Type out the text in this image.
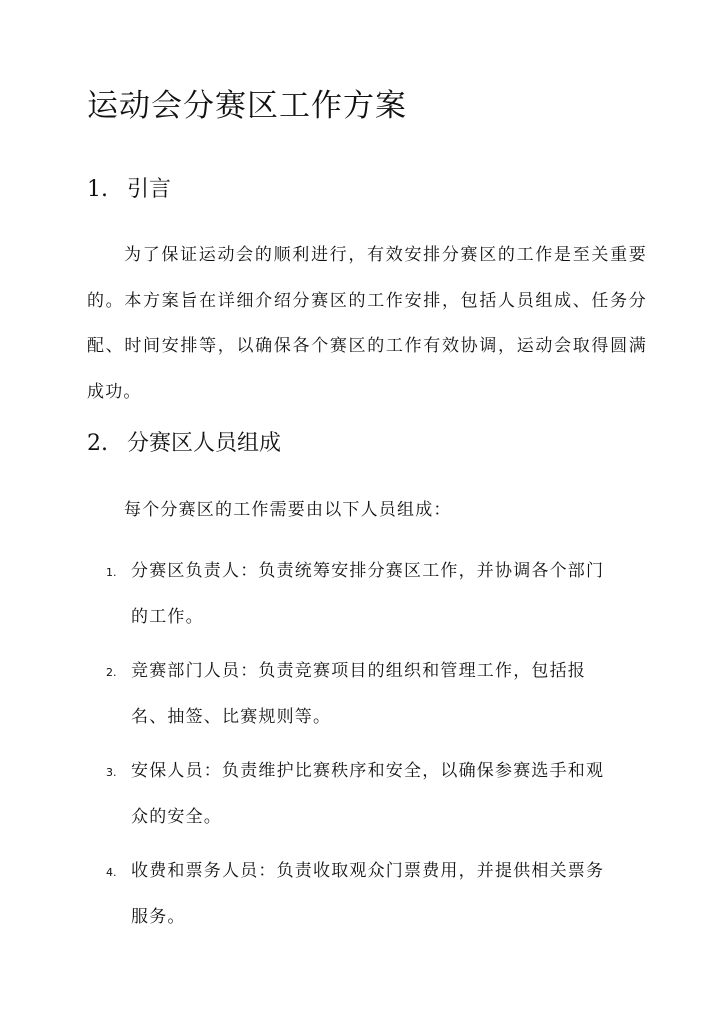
运动会分赛区工作方案
1. 引言
为了保证运动会的顺利进行，有效安排分赛区的工作是至关重要的。本方案旨在详细介绍分赛区的工作安排，包括人员组成、任务分配、时间安排等，以确保各个赛区的工作有效协调，运动会取得圆满成功。
2. 分赛区人员组成
每个分赛区的工作需要由以下人员组成：
1. 分赛区负责人：负责统筹安排分赛区工作，并协调各个部门的工作。
2. 竞赛部门人员：负责竞赛项目的组织和管理工作，包括报名、抽签、比赛规则等。
3. 安保人员：负责维护比赛秩序和安全，以确保参赛选手和观众的安全。
4. 收费和票务人员：负责收取观众门票费用，并提供相关票务服务。
